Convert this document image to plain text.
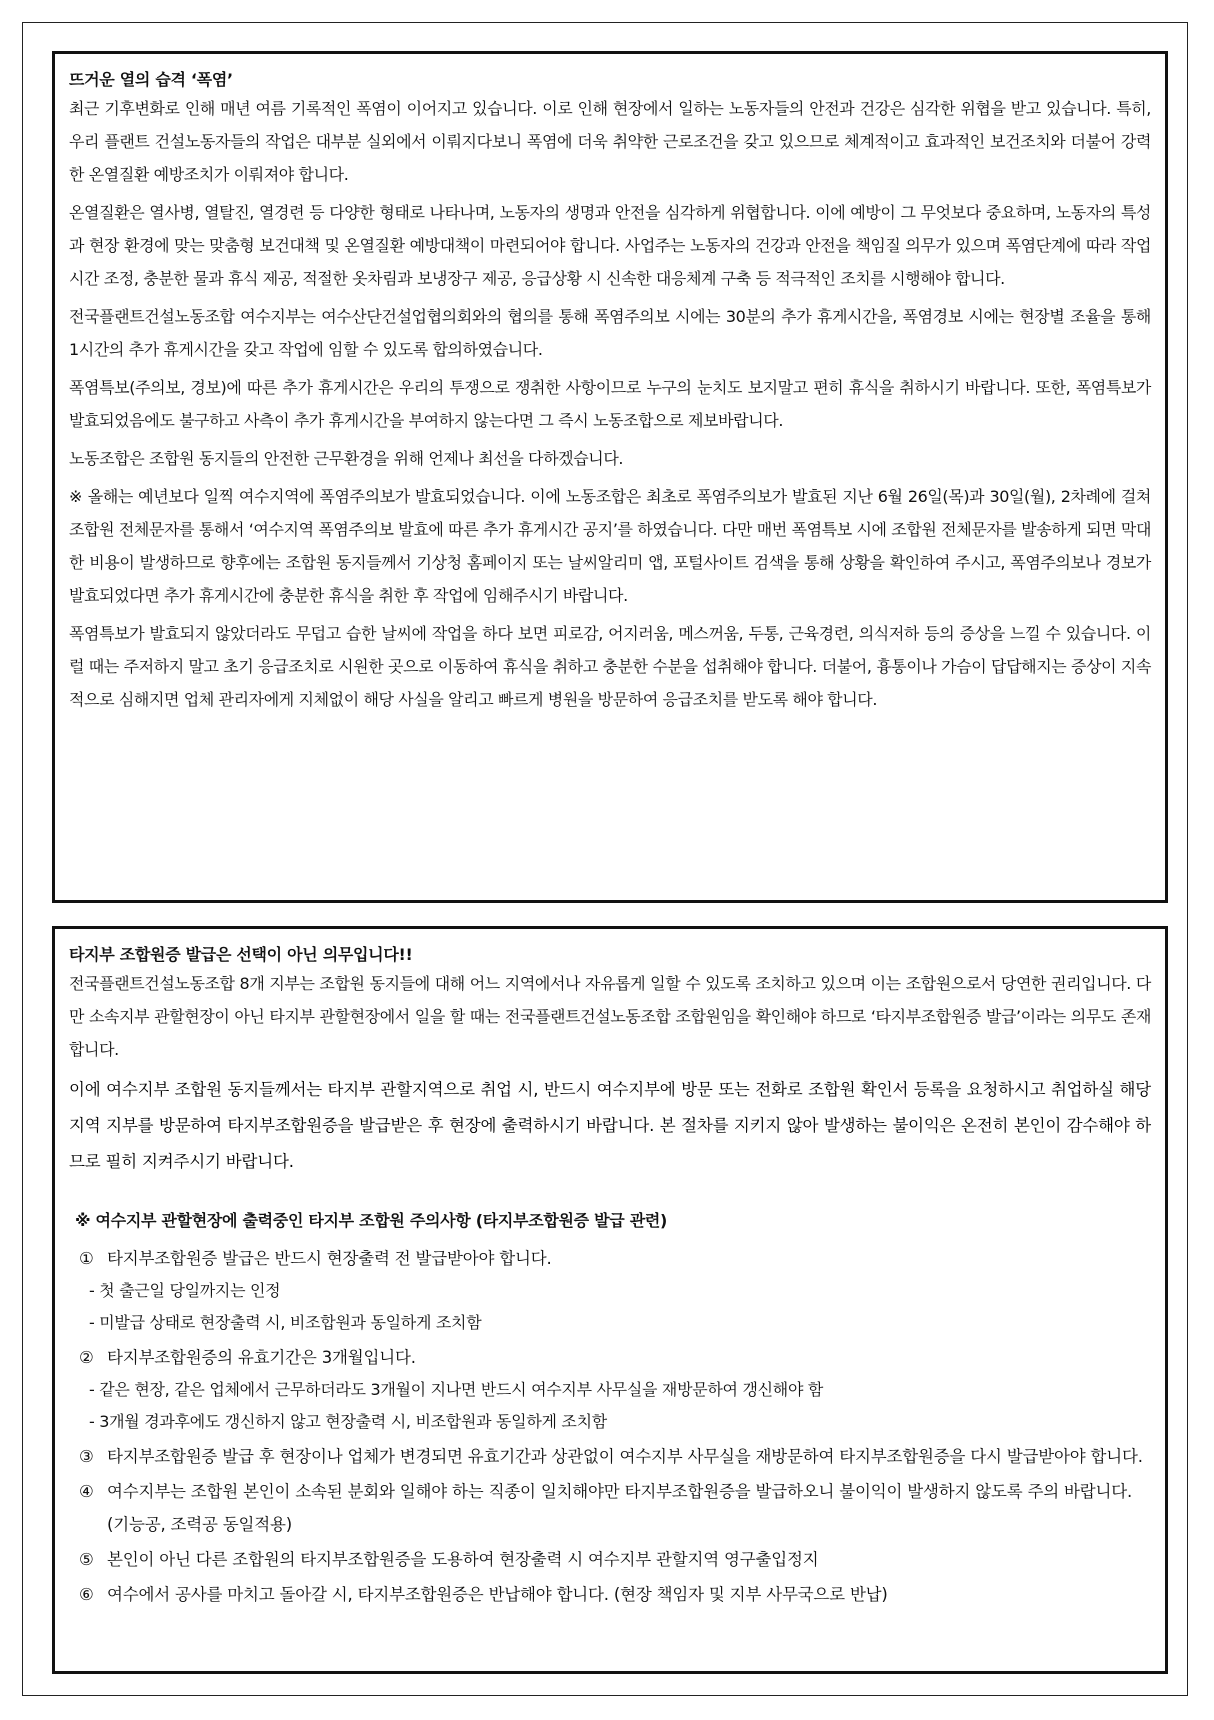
뜨거운 열의 습격 ‘폭염’

최근 기후변화로 인해 매년 여름 기록적인 폭염이 이어지고 있습니다. 이로 인해 현장에서 일하는 노동자들의 안전과 건강은 심각한 위협을 받고 있습니다. 특히, 우리 플랜트 건설노동자들의 작업은 대부분 실외에서 이뤄지다보니 폭염에 더욱 취약한 근로조건을 갖고 있으므로 체계적이고 효과적인 보건조치와 더불어 강력한 온열질환 예방조치가 이뤄져야 합니다.

온열질환은 열사병, 열탈진, 열경련 등 다양한 형태로 나타나며, 노동자의 생명과 안전을 심각하게 위협합니다. 이에 예방이 그 무엇보다 중요하며, 노동자의 특성과 현장 환경에 맞는 맞춤형 보건대책 및 온열질환 예방대책이 마련되어야 합니다. 사업주는 노동자의 건강과 안전을 책임질 의무가 있으며 폭염단계에 따라 작업시간 조정, 충분한 물과 휴식 제공, 적절한 옷차림과 보냉장구 제공, 응급상황 시 신속한 대응체계 구축 등 적극적인 조치를 시행해야 합니다.

전국플랜트건설노동조합 여수지부는 여수산단건설업협의회와의 협의를 통해 폭염주의보 시에는 30분의 추가 휴게시간을, 폭염경보 시에는 현장별 조율을 통해 1시간의 추가 휴게시간을 갖고 작업에 임할 수 있도록 합의하였습니다.

폭염특보(주의보, 경보)에 따른 추가 휴게시간은 우리의 투쟁으로 쟁취한 사항이므로 누구의 눈치도 보지말고 편히 휴식을 취하시기 바랍니다. 또한, 폭염특보가 발효되었음에도 불구하고 사측이 추가 휴게시간을 부여하지 않는다면 그 즉시 노동조합으로 제보바랍니다.

노동조합은 조합원 동지들의 안전한 근무환경을 위해 언제나 최선을 다하겠습니다.

※ 올해는 예년보다 일찍 여수지역에 폭염주의보가 발효되었습니다. 이에 노동조합은 최초로 폭염주의보가 발효된 지난 6월 26일(목)과 30일(월), 2차례에 걸쳐 조합원 전체문자를 통해서 ‘여수지역 폭염주의보 발효에 따른 추가 휴게시간 공지’를 하였습니다. 다만 매번 폭염특보 시에 조합원 전체문자를 발송하게 되면 막대한 비용이 발생하므로 향후에는 조합원 동지들께서 기상청 홈페이지 또는 날씨알리미 앱, 포털사이트 검색을 통해 상황을 확인하여 주시고, 폭염주의보나 경보가 발효되었다면 추가 휴게시간에 충분한 휴식을 취한 후 작업에 임해주시기 바랍니다.

폭염특보가 발효되지 않았더라도 무덥고 습한 날씨에 작업을 하다 보면 피로감, 어지러움, 메스꺼움, 두통, 근육경련, 의식저하 등의 증상을 느낄 수 있습니다. 이럴 때는 주저하지 말고 초기 응급조치로 시원한 곳으로 이동하여 휴식을 취하고 충분한 수분을 섭취해야 합니다. 더불어, 흉통이나 가슴이 답답해지는 증상이 지속적으로 심해지면 업체 관리자에게 지체없이 해당 사실을 알리고 빠르게 병원을 방문하여 응급조치를 받도록 해야 합니다.

타지부 조합원증 발급은 선택이 아닌 의무입니다!!

전국플랜트건설노동조합 8개 지부는 조합원 동지들에 대해 어느 지역에서나 자유롭게 일할 수 있도록 조치하고 있으며 이는 조합원으로서 당연한 권리입니다. 다만 소속지부 관할현장이 아닌 타지부 관할현장에서 일을 할 때는 전국플랜트건설노동조합 조합원임을 확인해야 하므로 ‘타지부조합원증 발급’이라는 의무도 존재합니다.

이에 여수지부 조합원 동지들께서는 타지부 관할지역으로 취업 시, 반드시 여수지부에 방문 또는 전화로 조합원 확인서 등록을 요청하시고 취업하실 해당지역 지부를 방문하여 타지부조합원증을 발급받은 후 현장에 출력하시기 바랍니다. 본 절차를 지키지 않아 발생하는 불이익은 온전히 본인이 감수해야 하므로 필히 지켜주시기 바랍니다.

※ 여수지부 관할현장에 출력중인 타지부 조합원 주의사항 (타지부조합원증 발급 관련)
① 타지부조합원증 발급은 반드시 현장출력 전 발급받아야 합니다.
- 첫 출근일 당일까지는 인정
- 미발급 상태로 현장출력 시, 비조합원과 동일하게 조치함
② 타지부조합원증의 유효기간은 3개월입니다.
- 같은 현장, 같은 업체에서 근무하더라도 3개월이 지나면 반드시 여수지부 사무실을 재방문하여 갱신해야 함
- 3개월 경과후에도 갱신하지 않고 현장출력 시, 비조합원과 동일하게 조치함
③ 타지부조합원증 발급 후 현장이나 업체가 변경되면 유효기간과 상관없이 여수지부 사무실을 재방문하여 타지부조합원증을 다시 발급받아야 합니다.
④ 여수지부는 조합원 본인이 소속된 분회와 일해야 하는 직종이 일치해야만 타지부조합원증을 발급하오니 불이익이 발생하지 않도록 주의 바랍니다. (기능공, 조력공 동일적용)
⑤ 본인이 아닌 다른 조합원의 타지부조합원증을 도용하여 현장출력 시 여수지부 관할지역 영구출입정지
⑥ 여수에서 공사를 마치고 돌아갈 시, 타지부조합원증은 반납해야 합니다. (현장 책임자 및 지부 사무국으로 반납)
